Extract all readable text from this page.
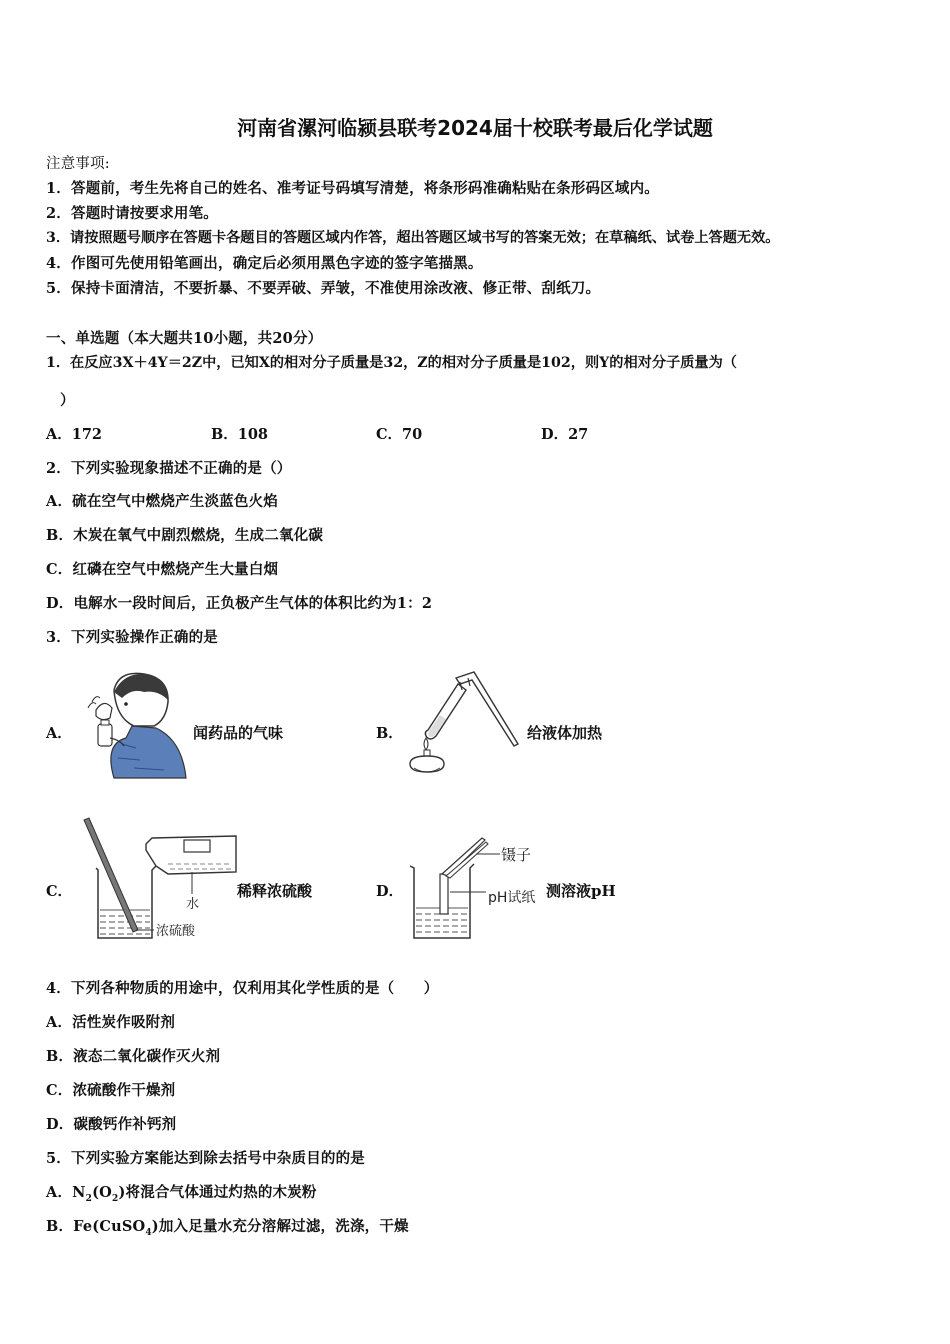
河南省漯河临颍县联考2024届十校联考最后化学试题
注意事项:
1．答题前，考生先将自己的姓名、准考证号码填写清楚，将条形码准确粘贴在条形码区域内。
2．答题时请按要求用笔。
3．请按照题号顺序在答题卡各题目的答题区域内作答，超出答题区域书写的答案无效；在草稿纸、试卷上答题无效。
4．作图可先使用铅笔画出，确定后必须用黑色字迹的签字笔描黑。
5．保持卡面清洁，不要折暴、不要弄破、弄皱，不准使用涂改液、修正带、刮纸刀。
一、单选题（本大题共10小题，共20分）
1．在反应3X＋4Y＝2Z中，已知X的相对分子质量是32，Z的相对分子质量是102，则Y的相对分子质量为（
）
A．172	B．108	C．70	D．27
2．下列实验现象描述不正确的是（）
A．硫在空气中燃烧产生淡蓝色火焰
B．木炭在氧气中剧烈燃烧，生成二氧化碳
C．红磷在空气中燃烧产生大量白烟
D．电解水一段时间后，正负极产生气体的体积比约为1：2
3．下列实验操作正确的是
A．	闻药品的气味	B．	给液体加热
C．
水
浓硫酸
稀释浓硫酸	D．
镊子
pH试纸 测溶液pH
4．下列各种物质的用途中，仅利用其化学性质的是（　　）
A．活性炭作吸附剂
B．液态二氧化碳作灭火剂
C．浓硫酸作干燥剂
D．碳酸钙作补钙剂
5．下列实验方案能达到除去括号中杂质目的的是
A．$N_2(O_2)$将混合气体通过灼热的木炭粉
B．Fe(CuSO$_4$)加入足量水充分溶解过滤，洗涤，干燥
